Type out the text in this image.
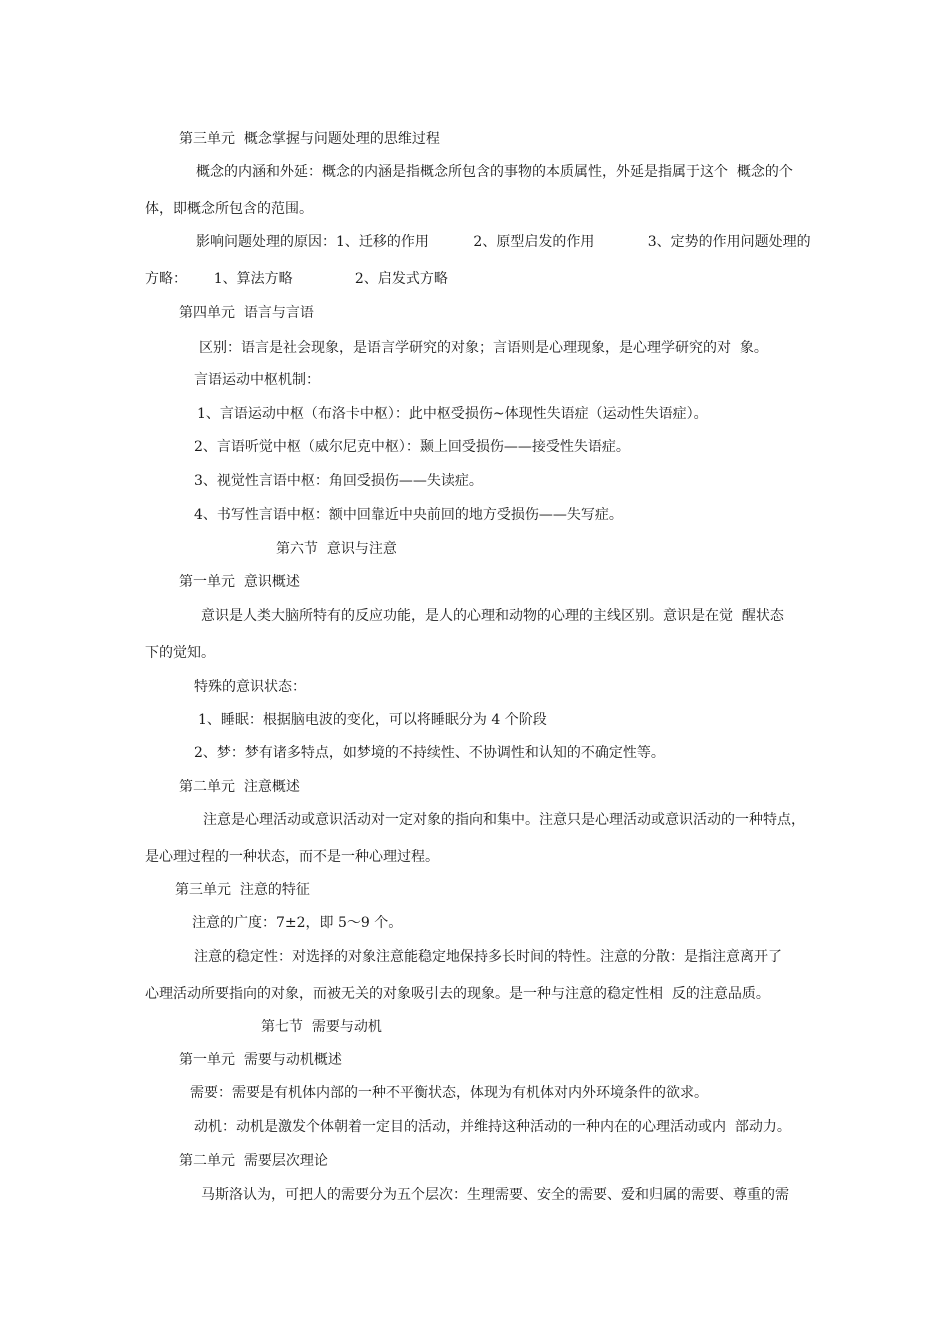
第三单元  概念掌握与问题处理的思维过程
概念的内涵和外延：概念的内涵是指概念所包含的事物的本质属性，外延是指属于这个  概念的个
体，即概念所包含的范围。
影响问题处理的原因：1、迁移的作用          2、原型启发的作用            3、定势的作用问题处理的
方略：      1、算法方略              2、启发式方略
第四单元  语言与言语
区别：语言是社会现象，是语言学研究的对象；言语则是心理现象，是心理学研究的对  象。
言语运动中枢机制：
1、言语运动中枢（布洛卡中枢）：此中枢受损伤~体现性失语症（运动性失语症）。
2、言语听觉中枢（威尔尼克中枢）：颞上回受损伤——接受性失语症。
3、视觉性言语中枢：角回受损伤——失读症。
4、书写性言语中枢：额中回靠近中央前回的地方受损伤——失写症。
第六节  意识与注意
第一单元  意识概述
意识是人类大脑所特有的反应功能，是人的心理和动物的心理的主线区别。意识是在觉  醒状态
下的觉知。
特殊的意识状态：
1、睡眠：根据脑电波的变化，可以将睡眠分为 4 个阶段
2、梦：梦有诸多特点，如梦境的不持续性、不协调性和认知的不确定性等。
第二单元  注意概述
注意是心理活动或意识活动对一定对象的指向和集中。注意只是心理活动或意识活动的一种特点，
是心理过程的一种状态，而不是一种心理过程。
第三单元  注意的特征
注意的广度：7±2，即 5～9 个。
注意的稳定性：对选择的对象注意能稳定地保持多长时间的特性。注意的分散：是指注意离开了
心理活动所要指向的对象，而被无关的对象吸引去的现象。是一种与注意的稳定性相  反的注意品质。
第七节  需要与动机
第一单元  需要与动机概述
需要：需要是有机体内部的一种不平衡状态，体现为有机体对内外环境条件的欲求。
动机：动机是激发个体朝着一定目的活动，并维持这种活动的一种内在的心理活动或内  部动力。
第二单元  需要层次理论
马斯洛认为，可把人的需要分为五个层次：生理需要、安全的需要、爱和归属的需要、尊重的需
